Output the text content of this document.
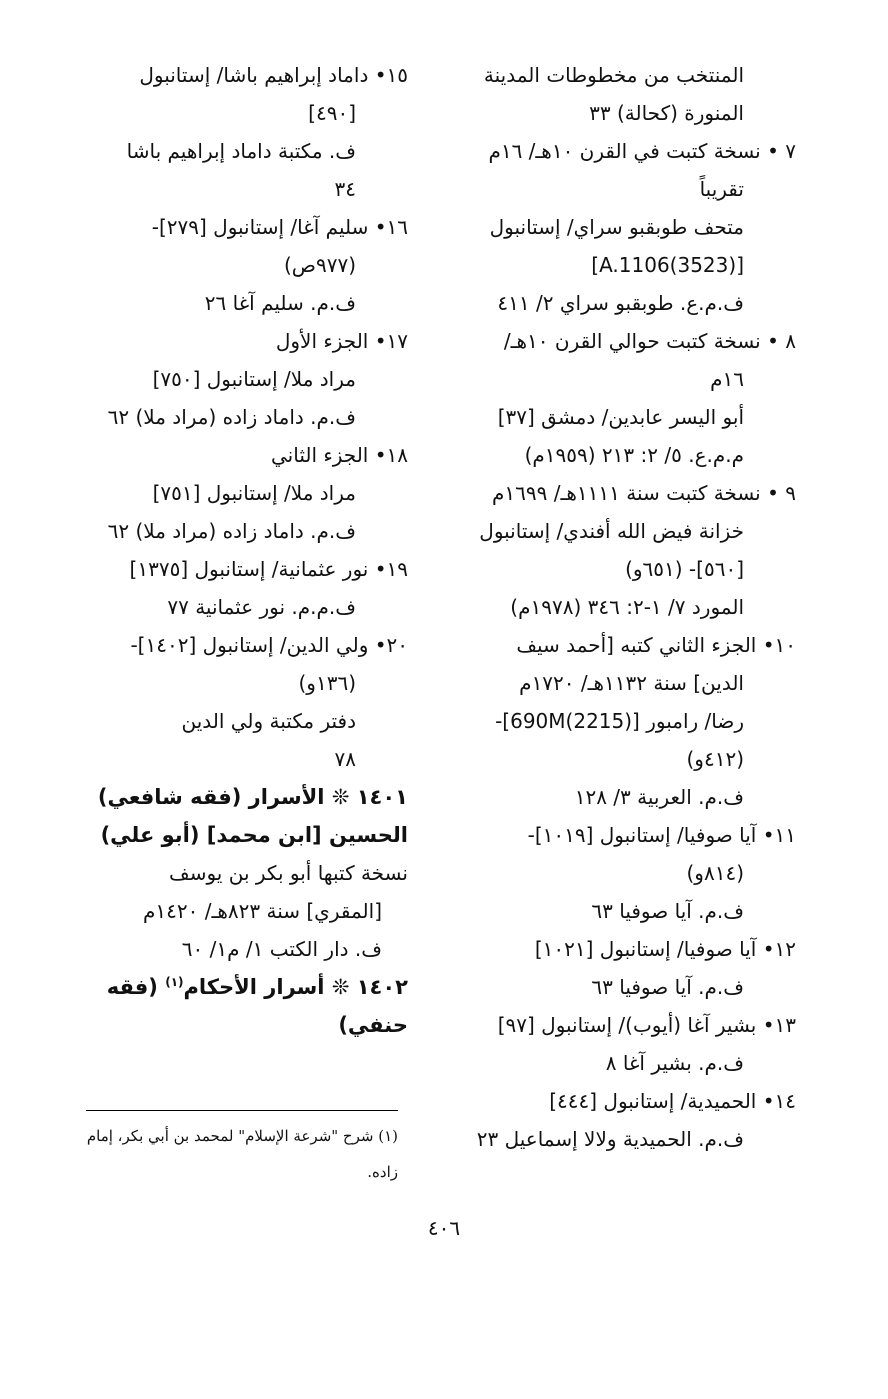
المنتخب من مخطوطات المدينة
المنورة (كحالة) ٣٣
٧ • نسخة كتبت في القرن ١٠هـ/ ١٦م
تقريباً
متحف طوبقبو سراي/ إستانبول
[(3523)A.1106]
ف.م.ع. طوبقبو سراي ٢/ ٤١١
٨ • نسخة كتبت حوالي القرن ١٠هـ/
١٦م
أبو اليسر عابدين/ دمشق [٣٧]
م.م.ع. ٥/ ٢: ٢١٣ (١٩٥٩م)
٩ • نسخة كتبت سنة ١١١١هـ/ ١٦٩٩م
خزانة فيض الله أفندي/ إستانبول
[٥٦٠]- (٦٥١و)
المورد ٧/ ١-٢: ٣٤٦ (١٩٧٨م)
١٠• الجزء الثاني كتبه [أحمد سيف
الدين] سنة ١١٣٢هـ/ ١٧٢٠م
رضا/ رامبور [(2215)690M]-
(٤١٢و)
ف.م. العربية ٣/ ١٢٨
١١• آيا صوفيا/ إستانبول [١٠١٩]-
(٨١٤و)
ف.م. آيا صوفيا ٦٣
١٢• آيا صوفيا/ إستانبول [١٠٢١]
ف.م. آيا صوفيا ٦٣
١٣• بشير آغا (أيوب)/ إستانبول [٩٧]
ف.م. بشير آغا ٨
١٤• الحميدية/ إستانبول [٤٤٤]
ف.م. الحميدية ولالا إسماعيل ٢٣
١٥• داماد إبراهيم باشا/ إستانبول
[٤٩٠]
ف. مكتبة داماد إبراهيم باشا
٣٤
١٦• سليم آغا/ إستانبول [٢٧٩]-
(٩٧٧ص)
ف.م. سليم آغا ٢٦
١٧• الجزء الأول
مراد ملا/ إستانبول [٧٥٠]
ف.م. داماد زاده (مراد ملا) ٦٢
١٨• الجزء الثاني
مراد ملا/ إستانبول [٧٥١]
ف.م. داماد زاده (مراد ملا) ٦٢
١٩• نور عثمانية/ إستانبول [١٣٧٥]
ف.م.م. نور عثمانية ٧٧
٢٠• ولي الدين/ إستانبول [١٤٠٢]-
(١٣٦و)
دفتر مكتبة ولي الدين
٧٨
١٤٠١ ❊ الأسرار (فقه شافعي)
الحسين [ابن محمد] (أبو علي)
نسخة كتبها أبو بكر بن يوسف
[المقري] سنة ٨٢٣هـ/ ١٤٢٠م
ف. دار الكتب ١/ م١/ ٦٠
١٤٠٢ ❊ أسرار الأحكام$^{(١)}$ (فقه
حنفي)
(١) شرح "شرعة الإسلام" لمحمد بن أبي بكر، إمام
زاده.
٤٠٦
